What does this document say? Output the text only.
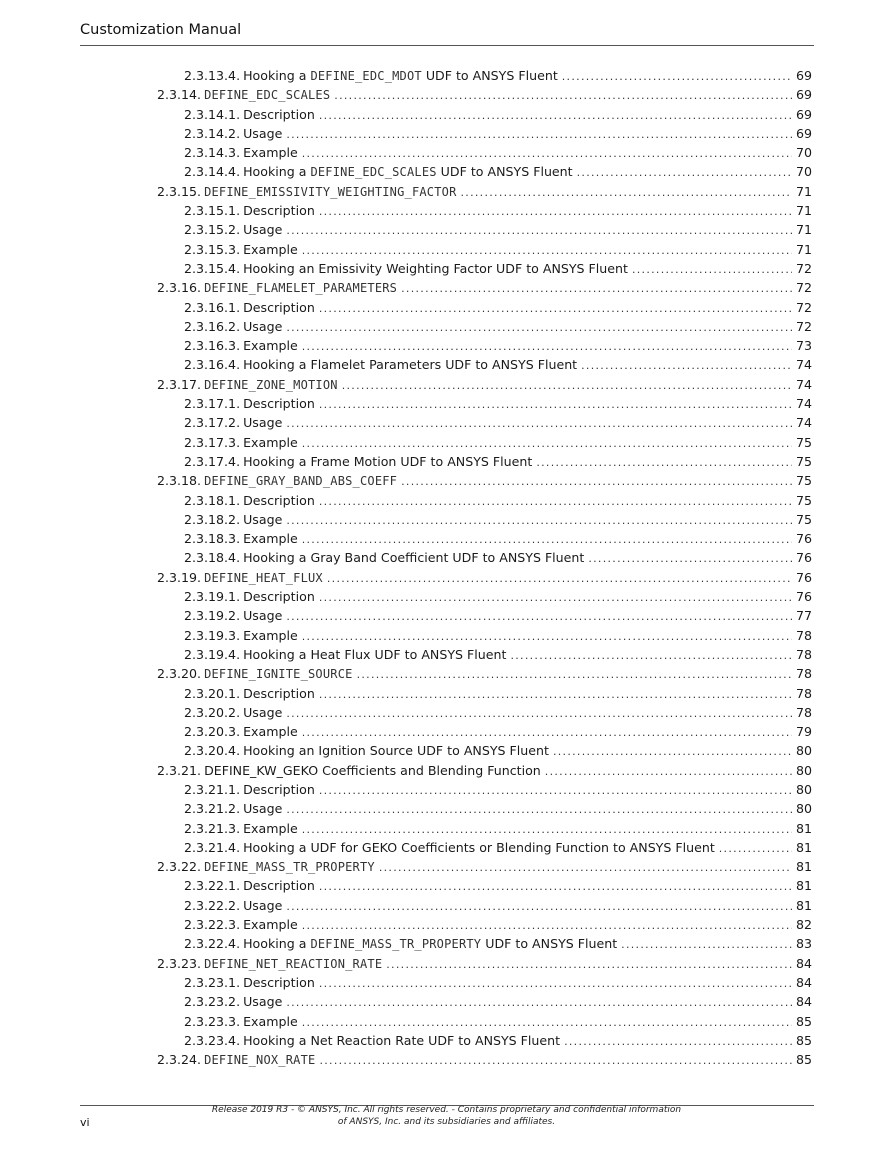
Customization Manual
2.3.13.4. Hooking a DEFINE_EDC_MDOT UDF to ANSYS Fluent . . .	69
2.3.14. DEFINE_EDC_SCALES . . .	69
2.3.14.1. Description . . .	69
2.3.14.2. Usage . . .	69
2.3.14.3. Example . . .	70
2.3.14.4. Hooking a DEFINE_EDC_SCALES UDF to ANSYS Fluent . . .	70
2.3.15. DEFINE_EMISSIVITY_WEIGHTING_FACTOR . . .	71
2.3.15.1. Description . . .	71
2.3.15.2. Usage . . .	71
2.3.15.3. Example . . .	71
2.3.15.4. Hooking an Emissivity Weighting Factor UDF to ANSYS Fluent . . .	72
2.3.16. DEFINE_FLAMELET_PARAMETERS . . .	72
2.3.16.1. Description . . .	72
2.3.16.2. Usage . . .	72
2.3.16.3. Example . . .	73
2.3.16.4. Hooking a Flamelet Parameters UDF to ANSYS Fluent . . .	74
2.3.17. DEFINE_ZONE_MOTION . . .	74
2.3.17.1. Description . . .	74
2.3.17.2. Usage . . .	74
2.3.17.3. Example . . .	75
2.3.17.4. Hooking a Frame Motion UDF to ANSYS Fluent . . .	75
2.3.18. DEFINE_GRAY_BAND_ABS_COEFF . . .	75
2.3.18.1. Description . . .	75
2.3.18.2. Usage . . .	75
2.3.18.3. Example . . .	76
2.3.18.4. Hooking a Gray Band Coefficient UDF to ANSYS Fluent . . .	76
2.3.19. DEFINE_HEAT_FLUX . . .	76
2.3.19.1. Description . . .	76
2.3.19.2. Usage . . .	77
2.3.19.3. Example . . .	78
2.3.19.4. Hooking a Heat Flux UDF to ANSYS Fluent . . .	78
2.3.20. DEFINE_IGNITE_SOURCE . . .	78
2.3.20.1. Description . . .	78
2.3.20.2. Usage . . .	78
2.3.20.3. Example . . .	79
2.3.20.4. Hooking an Ignition Source UDF to ANSYS Fluent . . .	80
2.3.21. DEFINE_KW_GEKO Coefficients and Blending Function . . .	80
2.3.21.1. Description . . .	80
2.3.21.2. Usage . . .	80
2.3.21.3. Example . . .	81
2.3.21.4. Hooking a UDF for GEKO Coefficients or Blending Function to ANSYS Fluent . . .	81
2.3.22. DEFINE_MASS_TR_PROPERTY . . .	81
2.3.22.1. Description . . .	81
2.3.22.2. Usage . . .	81
2.3.22.3. Example . . .	82
2.3.22.4. Hooking a DEFINE_MASS_TR_PROPERTY UDF to ANSYS Fluent . . .	83
2.3.23. DEFINE_NET_REACTION_RATE . . .	84
2.3.23.1. Description . . .	84
2.3.23.2. Usage . . .	84
2.3.23.3. Example . . .	85
2.3.23.4. Hooking a Net Reaction Rate UDF to ANSYS Fluent . . .	85
2.3.24. DEFINE_NOX_RATE . . .	85
vi
Release 2019 R3 - © ANSYS, Inc. All rights reserved. - Contains proprietary and confidential information
of ANSYS, Inc. and its subsidiaries and affiliates.
